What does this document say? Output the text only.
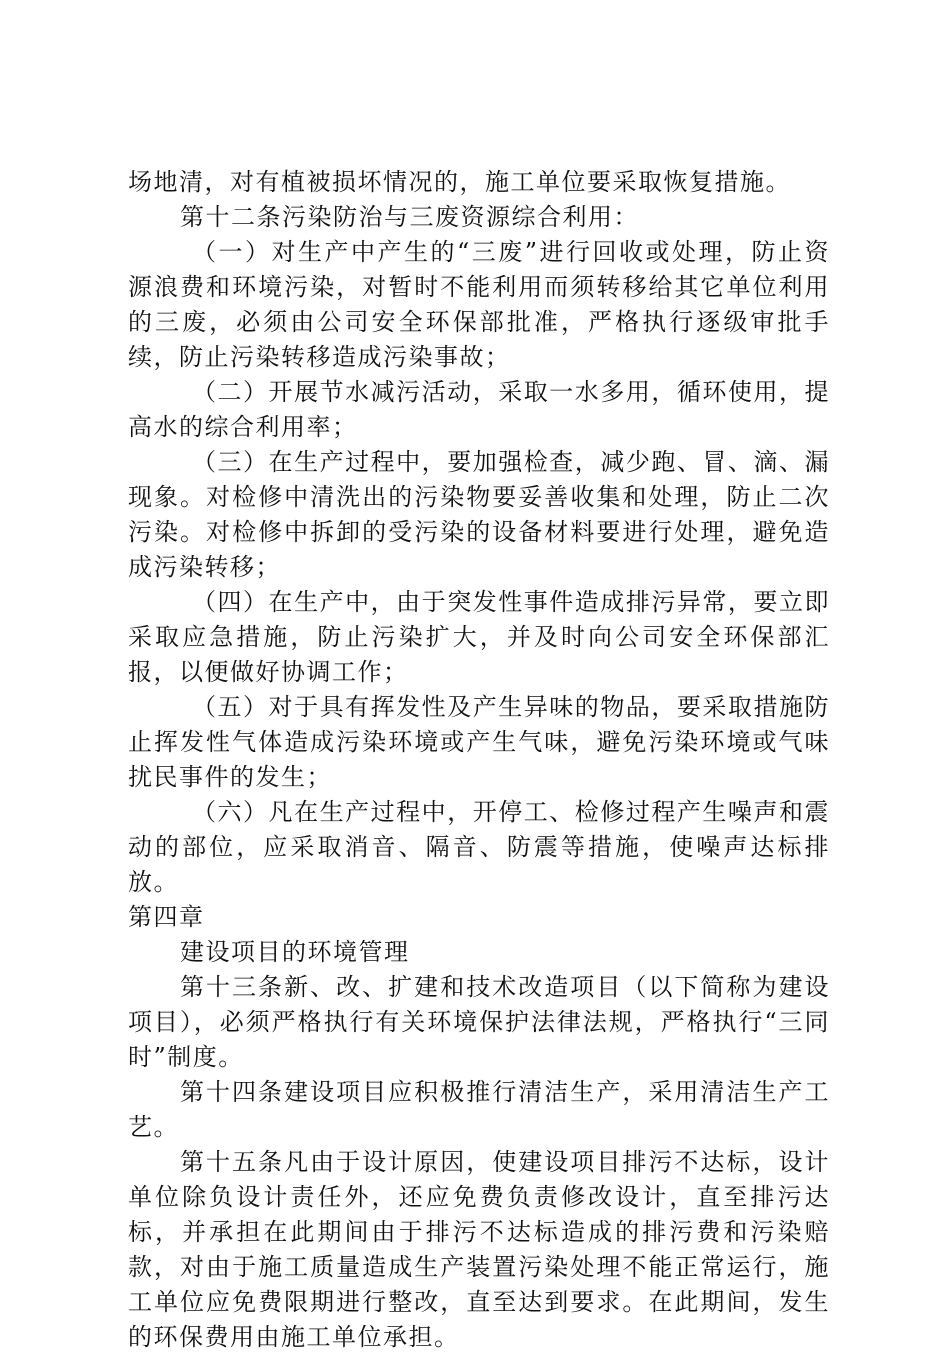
场地清，对有植被损坏情况的，施工单位要采取恢复措施。

第十二条污染防治与三废资源综合利用：

（一）对生产中产生的“三废”进行回收或处理，防止资源浪费和环境污染，对暂时不能利用而须转移给其它单位利用的三废，必须由公司安全环保部批准，严格执行逐级审批手续，防止污染转移造成污染事故；

（二）开展节水减污活动，采取一水多用，循环使用，提高水的综合利用率；

（三）在生产过程中，要加强检查，减少跑、冒、滴、漏现象。对检修中清洗出的污染物要妥善收集和处理，防止二次污染。对检修中拆卸的受污染的设备材料要进行处理，避免造成污染转移；

（四）在生产中，由于突发性事件造成排污异常，要立即采取应急措施，防止污染扩大，并及时向公司安全环保部汇报，以便做好协调工作；

（五）对于具有挥发性及产生异味的物品，要采取措施防止挥发性气体造成污染环境或产生气味，避免污染环境或气味扰民事件的发生；

（六）凡在生产过程中，开停工、检修过程产生噪声和震动的部位，应采取消音、隔音、防震等措施，使噪声达标排放。

第四章

建设项目的环境管理

第十三条新、改、扩建和技术改造项目（以下简称为建设项目），必须严格执行有关环境保护法律法规，严格执行“三同时”制度。

第十四条建设项目应积极推行清洁生产，采用清洁生产工艺。

第十五条凡由于设计原因，使建设项目排污不达标，设计单位除负设计责任外，还应免费负责修改设计，直至排污达标，并承担在此期间由于排污不达标造成的排污费和污染赔款，对由于施工质量造成生产装置污染处理不能正常运行，施工单位应免费限期进行整改，直至达到要求。在此期间，发生的环保费用由施工单位承担。
